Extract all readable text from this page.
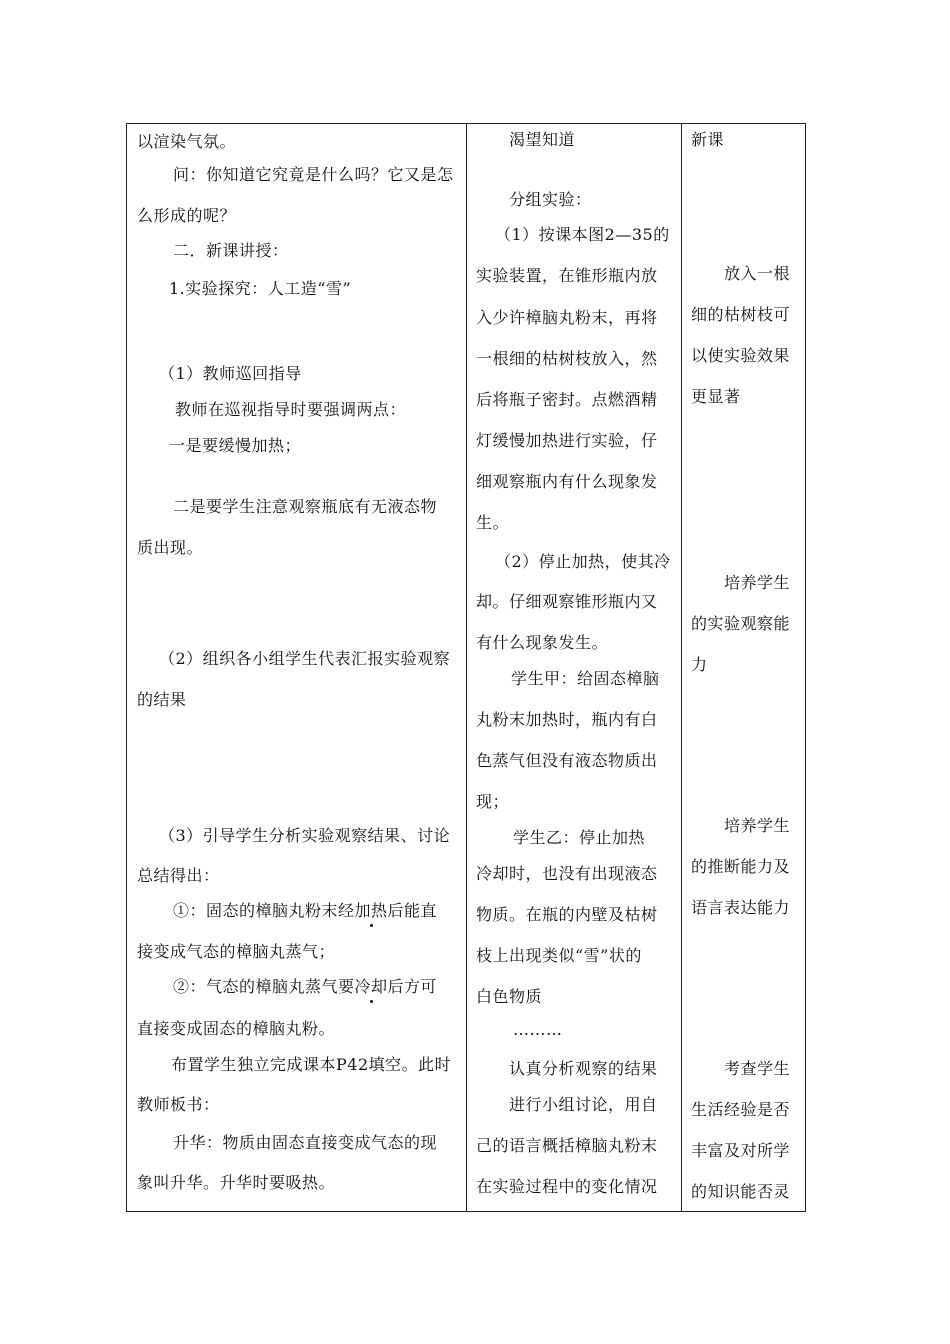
以渲染气氛。
问：你知道它究竟是什么吗？它又是怎
么形成的呢？
二．新课讲授：
1.实验探究：人工造“雪”
（1）教师巡回指导
教师在巡视指导时要强调两点：
一是要缓慢加热；
二是要学生注意观察瓶底有无液态物
质出现。
（2）组织各小组学生代表汇报实验观察
的结果
（3）引导学生分析实验观察结果、讨论
总结得出：
①：固态的樟脑丸粉末经加热后能直
接变成气态的樟脑丸蒸气；
②：气态的樟脑丸蒸气要冷却后方可
直接变成固态的樟脑丸粉。
布置学生独立完成课本P42填空。此时
教师板书：
升华：物质由固态直接变成气态的现
象叫升华。升华时要吸热。
渴望知道
分组实验：
（1）按课本图2—35的
实验装置，在锥形瓶内放
入少许樟脑丸粉末，再将
一根细的枯树枝放入，然
后将瓶子密封。点燃酒精
灯缓慢加热进行实验，仔
细观察瓶内有什么现象发
生。
（2）停止加热，使其冷
却。仔细观察锥形瓶内又
有什么现象发生。
学生甲：给固态樟脑
丸粉末加热时，瓶内有白
色蒸气但没有液态物质出
现；
学生乙：停止加热
冷却时，也没有出现液态
物质。在瓶的内壁及枯树
枝上出现类似“雪”状的
白色物质
………
认真分析观察的结果
进行小组讨论，用自
己的语言概括樟脑丸粉末
在实验过程中的变化情况
新课
放入一根
细的枯树枝可
以使实验效果
更显著
培养学生
的实验观察能
力
培养学生
的推断能力及
语言表达能力
考查学生
生活经验是否
丰富及对所学
的知识能否灵
